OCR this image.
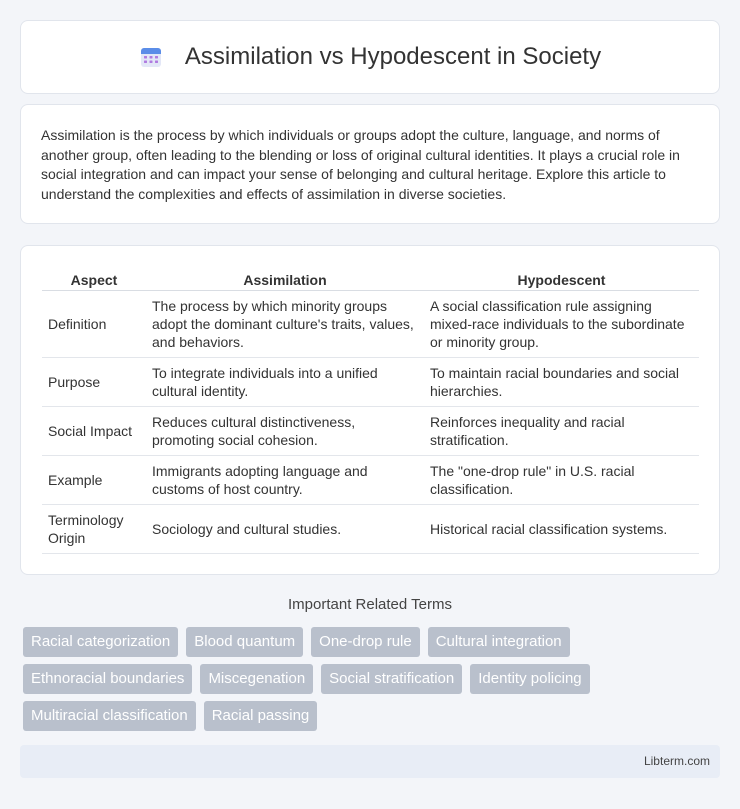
Assimilation vs Hypodescent in Society

Assimilation is the process by which individuals or groups adopt the culture, language, and norms of another group, often leading to the blending or loss of original cultural identities. It plays a crucial role in social integration and can impact your sense of belonging and cultural heritage. Explore this article to understand the complexities and effects of assimilation in diverse societies.

Aspect	Assimilation	Hypodescent
Definition	The process by which minority groups adopt the dominant culture's traits, values, and behaviors.	A social classification rule assigning mixed-race individuals to the subordinate or minority group.
Purpose	To integrate individuals into a unified cultural identity.	To maintain racial boundaries and social hierarchies.
Social Impact	Reduces cultural distinctiveness, promoting social cohesion.	Reinforces inequality and racial stratification.
Example	Immigrants adopting language and customs of host country.	The "one-drop rule" in U.S. racial classification.
Terminology Origin	Sociology and cultural studies.	Historical racial classification systems.
Important Related Terms
Racial categorization	Blood quantum	One-drop rule	Cultural integration
Ethnoracial boundaries	Miscegenation	Social stratification	Identity policing
Multiracial classification	Racial passing
Libterm.com
